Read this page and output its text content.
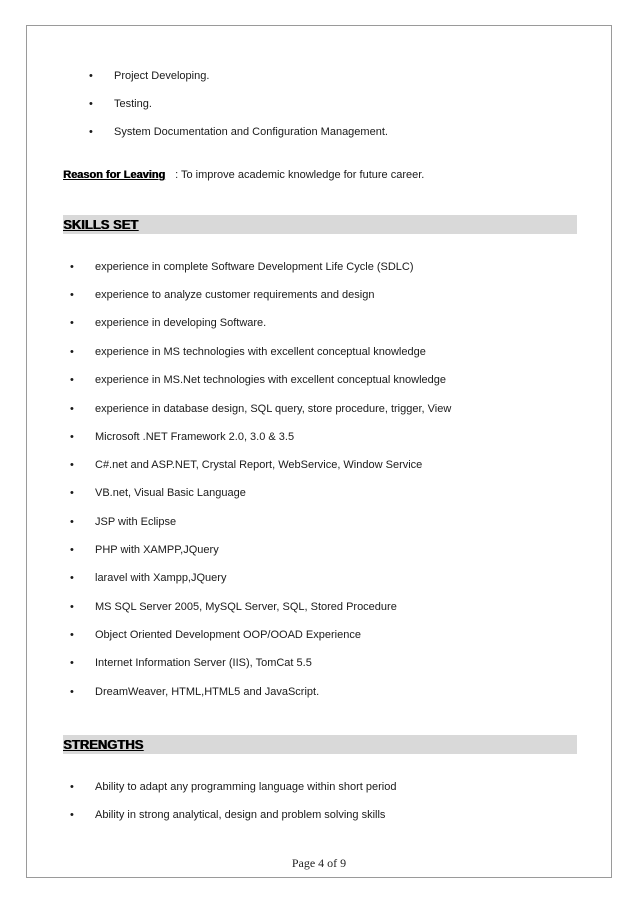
• Project Developing.
• Testing.
• System Documentation and Configuration Management.
Reason for Leaving : To improve academic knowledge for future career.
SKILLS SET
• experience in complete Software Development Life Cycle (SDLC)
• experience to analyze customer requirements and design
• experience in developing Software.
• experience in MS technologies with excellent conceptual knowledge
• experience in MS.Net technologies with excellent conceptual knowledge
• experience in database design, SQL query, store procedure, trigger, View
• Microsoft .NET Framework 2.0, 3.0 & 3.5
• C#.net and ASP.NET, Crystal Report, WebService, Window Service
• VB.net, Visual Basic Language
• JSP with Eclipse
• PHP with XAMPP,JQuery
• laravel with Xampp,JQuery
• MS SQL Server 2005, MySQL Server, SQL, Stored Procedure
• Object Oriented Development OOP/OOAD Experience
• Internet Information Server (IIS), TomCat 5.5
• DreamWeaver, HTML,HTML5 and JavaScript.
STRENGTHS
• Ability to adapt any programming language within short period
• Ability in strong analytical, design and problem solving skills
Page 4 of 9
